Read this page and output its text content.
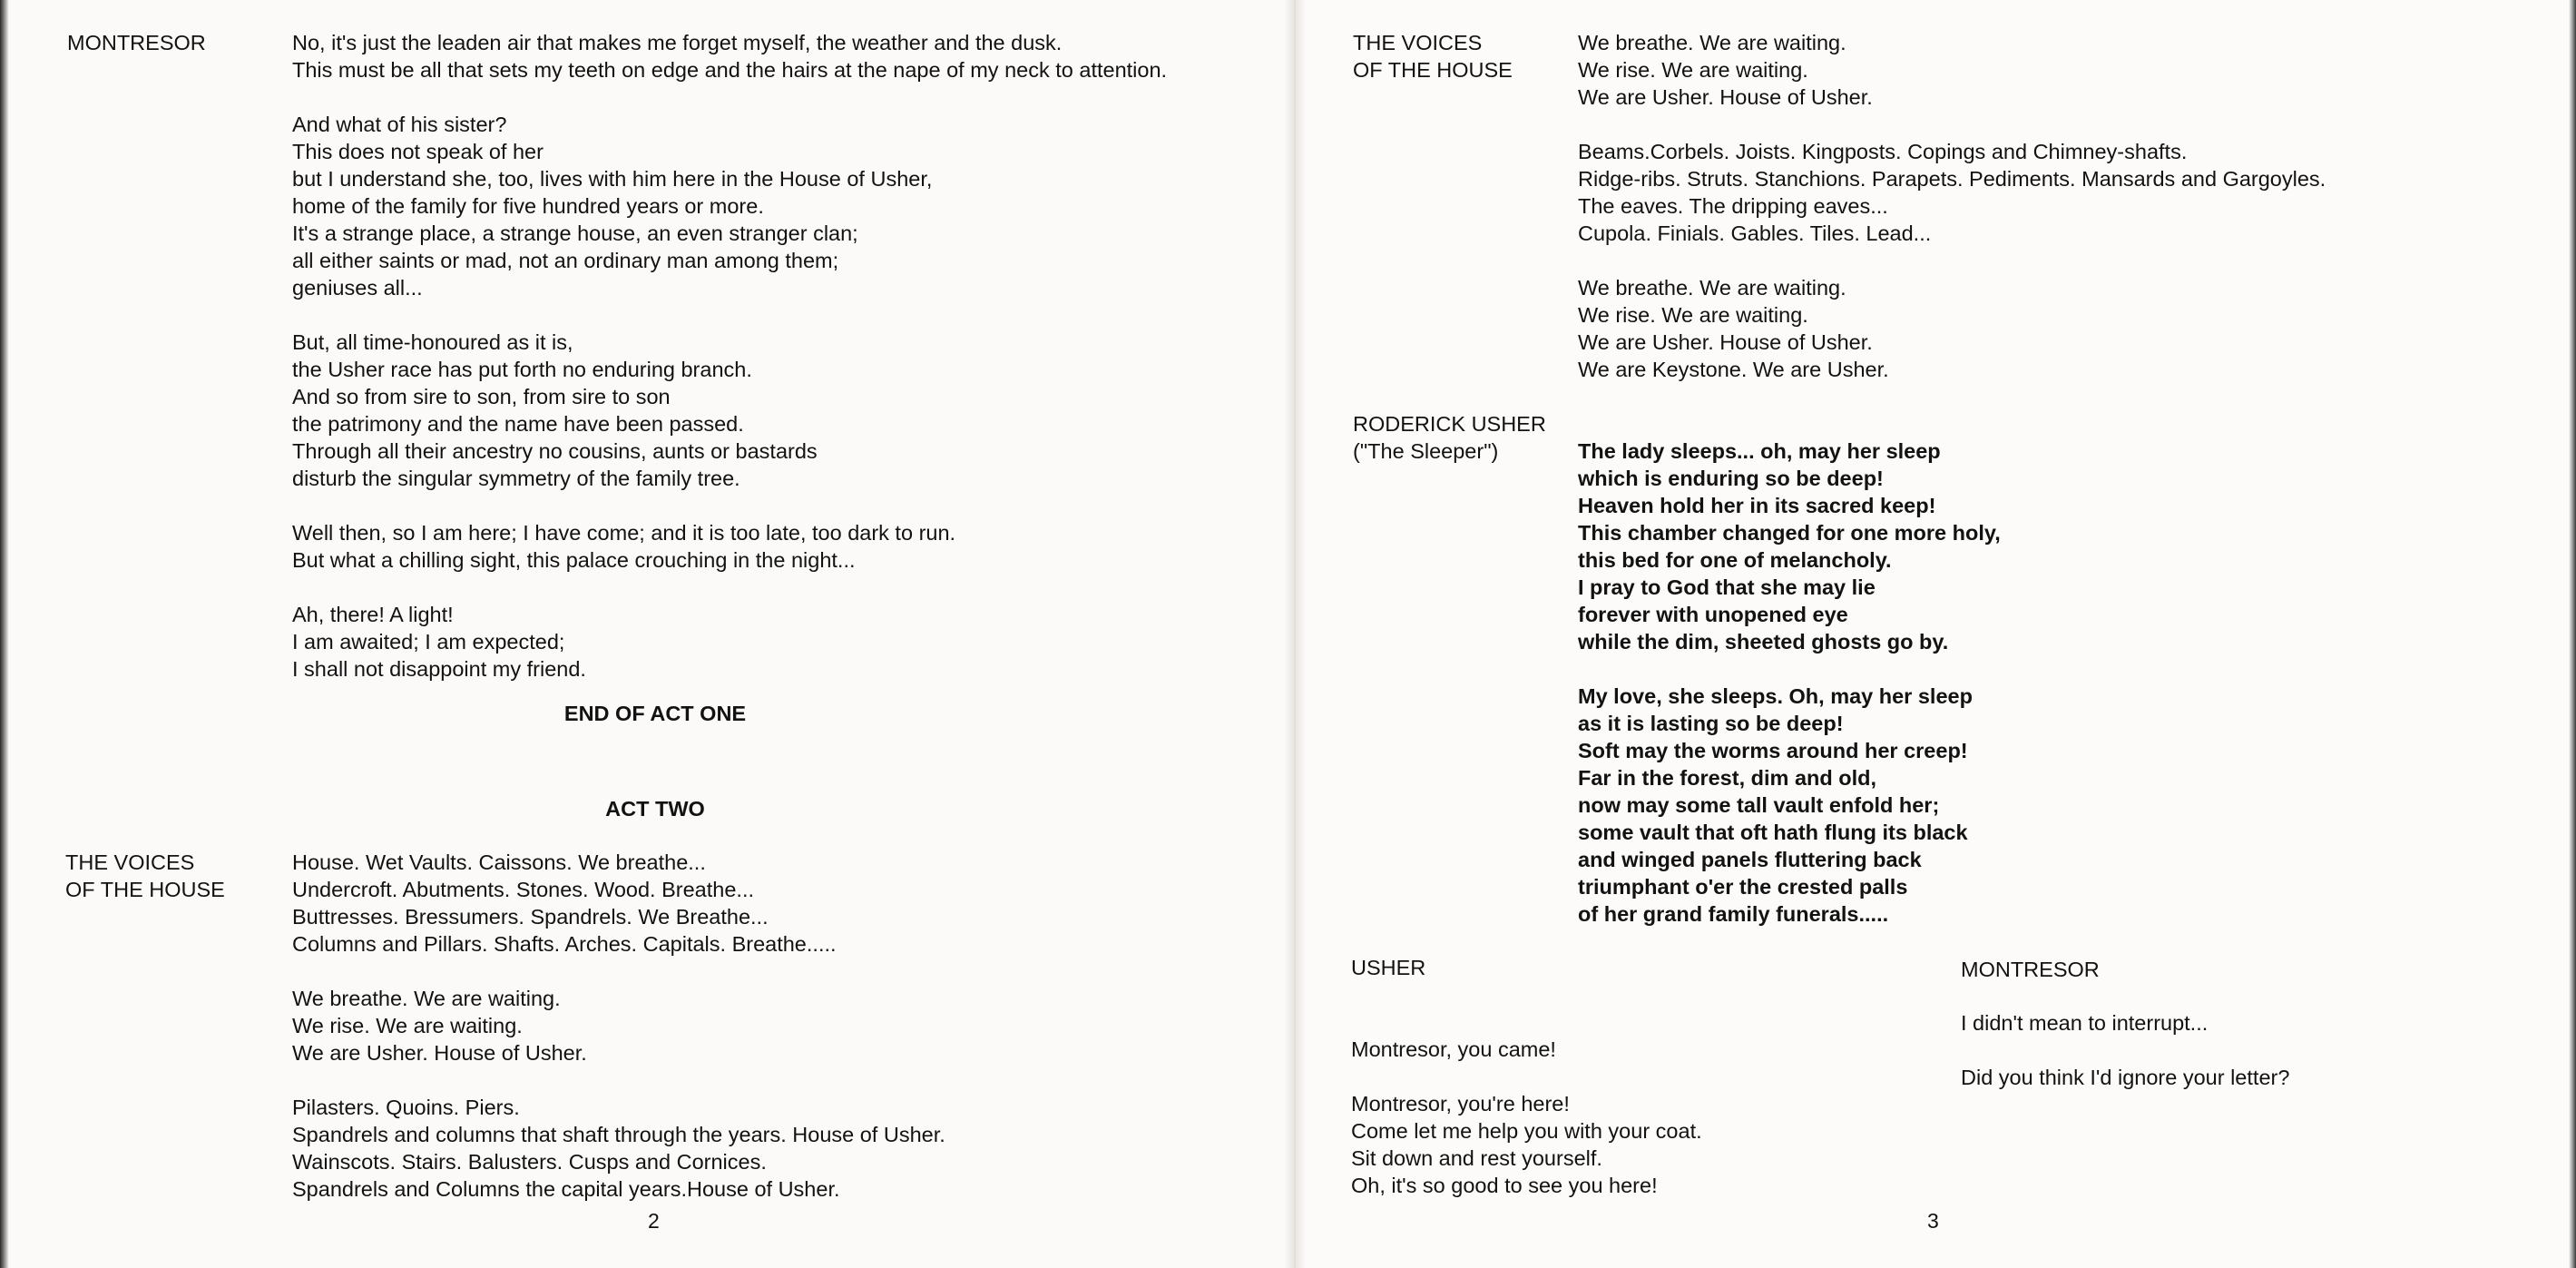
MONTRESOR	No, it's just the leaden air that makes me forget myself, the weather and the dusk.
This must be all that sets my teeth on edge and the hairs at the nape of my neck to attention.

And what of his sister?
This does not speak of her
but I understand she, too, lives with him here in the House of Usher,
home of the family for five hundred years or more.
It's a strange place, a strange house, an even stranger clan;
all either saints or mad, not an ordinary man among them;
geniuses all...

But, all time-honoured as it is,
the Usher race has put forth no enduring branch.
And so from sire to son, from sire to son
the patrimony and the name have been passed.
Through all their ancestry no cousins, aunts or bastards
disturb the singular symmetry of the family tree.

Well then, so I am here; I have come; and it is too late, too dark to run.
But what a chilling sight, this palace crouching in the night...

Ah, there! A light!
I am awaited; I am expected;
I shall not disappoint my friend.

END OF ACT ONE

ACT TWO

THE VOICES

OF THE HOUSE

House. Wet Vaults. Caissons. We breathe...
Undercroft. Abutments. Stones. Wood. Breathe...
Buttresses. Bressumers. Spandrels. We Breathe...
Columns and Pillars. Shafts. Arches. Capitals. Breathe.....

We breathe. We are waiting.
We rise. We are waiting.
We are Usher. House of Usher.

Pilasters. Quoins. Piers.
Spandrels and columns that shaft through the years. House of Usher.
Wainscots. Stairs. Balusters. Cusps and Cornices.
Spandrels and Columns the capital years.House of Usher.

2

THE VOICES

OF THE HOUSE

We breathe. We are waiting.
We rise. We are waiting.
We are Usher. House of Usher.

Beams.Corbels. Joists. Kingposts. Copings and Chimney-shafts.
Ridge-ribs. Struts. Stanchions. Parapets. Pediments. Mansards and Gargoyles.
The eaves. The dripping eaves...
Cupola. Finials. Gables. Tiles. Lead...

We breathe. We are waiting.
We rise. We are waiting.
We are Usher. House of Usher.
We are Keystone. We are Usher.

RODERICK USHER

("The Sleeper")	The lady sleeps... oh, may her sleep
which is enduring so be deep!
Heaven hold her in its sacred keep!
This chamber changed for one more holy,
this bed for one of melancholy.
I pray to God that she may lie
forever with unopened eye
while the dim, sheeted ghosts go by.

My love, she sleeps. Oh, may her sleep
as it is lasting so be deep!
Soft may the worms around her creep!
Far in the forest, dim and old,
now may some tall vault enfold her;
some vault that oft hath flung its black
and winged panels fluttering back
triumphant o'er the crested palls
of her grand family funerals.....

USHER

Montresor, you came!

Montresor, you're here!
Come let me help you with your coat.
Sit down and rest yourself.
Oh, it's so good to see you here!

MONTRESOR

I didn't mean to interrupt...

Did you think I'd ignore your letter?

3
